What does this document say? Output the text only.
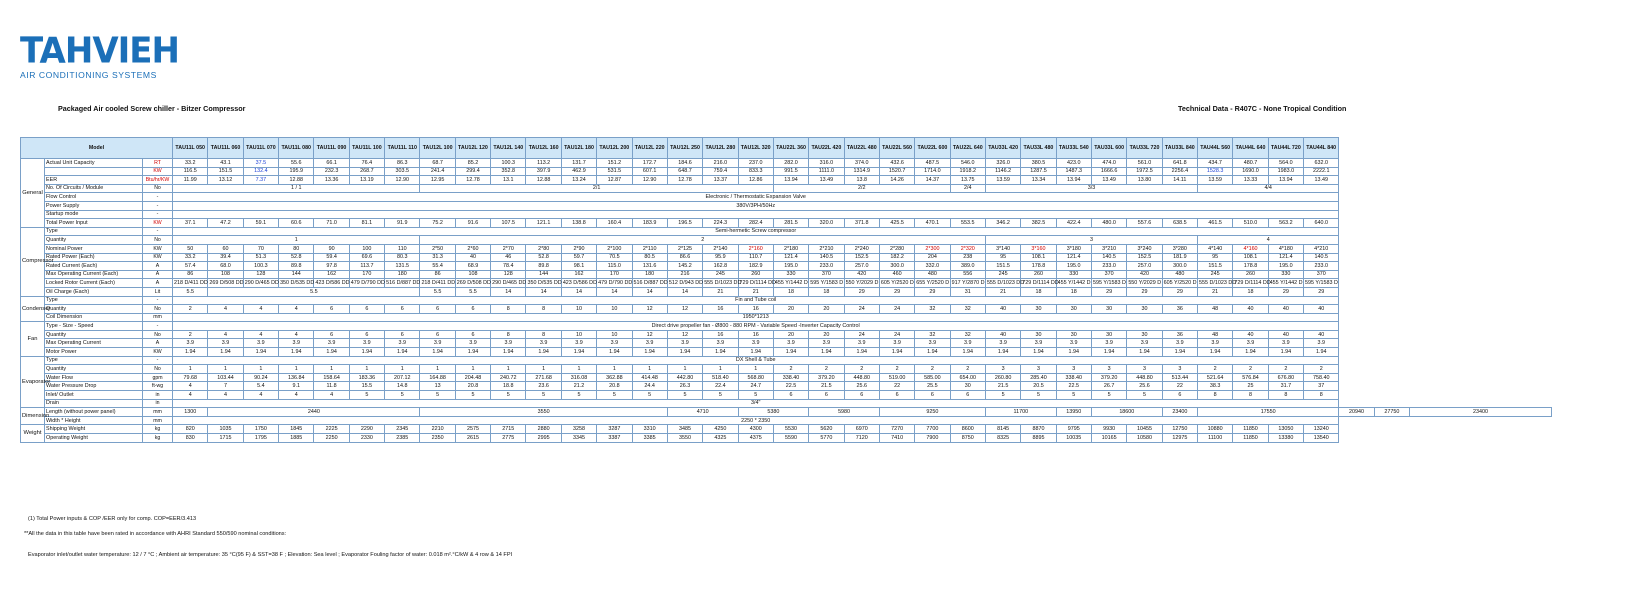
TAHVIEH
AIR CONDITIONING SYSTEMS
Packaged Air cooled Screw chiller - Bitzer Compressor	Technical Data - R407C - None Tropical Condition
Model			TAU11L 050	TAU11L 060	TAU11L 070	TAU11L 080	TAU11L 090	TAU11L 100	TAU11L 110	TAU12L 100	TAU12L 120	TAU12L 140	TAU12L 160	TAU12L 180	TAU12L 200	TAU12L 220	TAU12L 250	TAU12L 280	TAU12L 320	TAU22L 360	TAU22L 420	TAU22L 480	TAU22L 560	TAU22L 600	TAU22L 640	TAU33L 420	TAU33L 480	TAU33L 540	TAU33L 600	TAU33L 720	TAU33L 840	TAU44L 560	TAU44L 640	TAU44L 720	TAU44L 840			
General	Actual Unit Capacity	RT	33.2	43.1	37.5	55.6	66.1	76.4	86.3	68.7	85.2	100.3	113.2	131.7	151.2	172.7	184.6	216.0	237.0	282.0	316.0	374.0	432.6	487.5	546.0	326.0	380.5	423.0	474.0	561.0	641.8	434.7	480.7	564.0	632.0			
		KW	116.5	151.5	132.4	195.9	232.3	268.7	303.5	241.4	299.4	352.8	397.9	462.9	531.5	607.1	648.7	759.4	833.3	991.5	1111.0	1314.9	1520.7	1714.0	1918.2	1146.2	1287.5	1487.3	1666.6	1972.5	2256.4	1528.3	1690.0	1983.0	2222.1			
	EER	Btu/hr/KW	11.99	13.12	7.37	12.88	13.36	13.19	12.90	12.95	12.78	13.1	12.88	13.24	12.87	12.90	12.78	13.37	12.86	13.94	13.49	13.8	14.26	14.37	13.75	13.59	13.34	13.94	13.49	13.80	14.11	13.59	13.33	13.94	13.49			
	No. Of Circuits / Module	No	1 / 1							2/1										2/2					2/4	3/3						4/4						
	Flow Control	-	Electronic / Thermostatic Expansion Valve																																			
	Power Supply	-	380V/3PH/50Hz																																			
	Startup mode	-																																				
	Total Power Input	KW	37.1	47.2	59.1	60.6	71.0	81.1	91.9	75.2	91.6	107.5	121.1	138.8	160.4	183.9	196.5	224.3	282.4	281.5	320.0	371.8	425.5	470.1	553.5	346.2	382.5	422.4	480.0	557.6	638.5	461.5	510.0	563.2	640.0			
Compressor	Type	-	Semi-hermetic Screw compressor																																			
	Quantity	No	1							2																3						4						
	Nominal Power	KW	50	60	70	80	90	100	110	2*50	2*60	2*70	2*80	2*90	2*100	2*110	2*125	2*140	2*160	2*180	2*210	2*240	2*280	2*300	2*320	3*140	3*160	3*180	3*210	3*240	3*280	4*140	4*160	4*180	4*210			
	Rated Power (Each)	KW	33.2	39.4	51.3	52.8	59.4	69.6	80.3	31.3	40	46	52.8	59.7	70.5	80.5	86.6	95.9	110.7	121.4	140.5	152.5	182.2	204	238	95	108.1	121.4	140.5	152.5	181.9	95	108.1	121.4	140.5			
	Rated Current (Each)	A	57.4	68.0	100.3	89.8	97.8	113.7	131.5	55.4	68.9	78.4	89.8	98.1	115.0	131.6	145.2	162.8	182.9	195.0	233.0	257.0	300.0	332.0	389.0	151.5	178.8	195.0	233.0	257.0	300.0	151.5	178.8	195.0	233.0			
	Max Operating Current (Each)	A	86	108	128	144	162	170	180	86	108	128	144	162	170	180	216	245	260	330	370	420	460	480	556	245	260	330	370	420	480	245	260	330	370			
	Locked Rotor Current (Each)	A	218 D/411 DD	269 D/508 DD	290 D/465 DD	350 D/535 DD	423 D/586 DD	479 D/790 DD	516 D/887 DD	218 D/411 DD	269 D/508 DD	290 D/465 DD	350 D/535 DD	423 D/586 DD	479 D/790 DD	516 D/887 DD	512 D/943 DD	555 D/1023 DD	729 D/1114 DD	455 Y/1442 D	595 Y/1583 D	550 Y/2029 D	605 Y/2520 D	655 Y/2520 D	917 Y/2870 D	555 D/1023 DD	729 D/1114 DD	455 Y/1442 D	595 Y/1583 D	550 Y/2029 D	605 Y/2520 D	555 D/1023 DD	729 D/1114 DD	455 Y/1442 D	595 Y/1583 D			
	Oil Charge (Each)	Lit	5.5	5.5						5.5	5.5	14	14	14	14	14	14	21	21	18	18	29	29	29	31	21	18	18	29	29	29	21	18	29	29			
Condenser	Type	-	Fin and Tube coil																																			
	Quantity	No	2	4	4	4	6	6	6	6	6	8	8	10	10	12	12	16	16	20	20	24	24	32	32	40	30	30	30	30	36	48	40	40	40			
	Coil Dimension	mm	1950*1213																																			
Fan	Type - Size - Speed	-	Direct drive propeller fan - Ø800 - 880 RPM - Variable Speed -Inverter Capacity Control																																			
	Quantity	No	2	4	4	4	6	6	6	6	6	8	8	10	10	12	12	16	16	20	20	24	24	32	32	40	30	30	30	30	36	48	40	40	40			
	Max Operating Current	A	3.9	3.9	3.9	3.9	3.9	3.9	3.9	3.9	3.9	3.9	3.9	3.9	3.9	3.9	3.9	3.9	3.9	3.9	3.9	3.9	3.9	3.9	3.9	3.9	3.9	3.9	3.9	3.9	3.9	3.9	3.9	3.9	3.9			
	Motor Power	KW	1.94	1.94	1.94	1.94	1.94	1.94	1.94	1.94	1.94	1.94	1.94	1.94	1.94	1.94	1.94	1.94	1.94	1.94	1.94	1.94	1.94	1.94	1.94	1.94	1.94	1.94	1.94	1.94	1.94	1.94	1.94	1.94	1.94			
Evaporator	Type	-	DX Shell & Tube																																			
	Quantity	No	1	1	1	1	1	1	1	1	1	1	1	1	1	1	1	1	1	2	2	2	2	2	2	3	3	3	3	3	3	2	2	2	2			
	Water Flow	gpm	79.68	103.44	90.24	136.84	158.64	183.36	207.12	164.88	204.48	240.72	271.68	316.08	362.88	414.48	442.80	518.40	568.80	338.40	379.20	448.80	519.00	585.00	654.00	260.80	285.40	338.40	379.20	448.80	513.44	521.64	576.84	676.80	758.40			
	Water Pressure Drop	ft-wg	4	7	5.4	9.1	11.8	15.5	14.8	13	20.8	18.8	23.6	21.2	20.8	24.4	26.3	22.4	24.7	22.5	21.5	25.6	22	25.5	30	21.5	20.5	22.5	26.7	25.6	22	38.3	25	31.7	37			
	Inlet/ Outlet	in	4	4	4	4	4	5	5	5	5	5	5	5	5	5	5	5	5	6	6	6	6	6	6	5	5	5	5	5	6	8	8	8	8			
	Drain	in	3/4"																																			
Dimension	Length (without power panel)	mm	1300	2440						3550							4710		5380		5980		9250			11700		13950	18600		23400	17550				20940	27750	23400
	Width * Height	mm	2250 * 2350																																			
Weight	Shipping Weight	kg	820	1035	1750	1845	2225	2290	2345	2210	2575	2715	2880	3258	3287	3310	3485	4250	4300	5530	5620	6970	7270	7700	8600	8145	8870	9795	9930	10455	12750	10880	11850	13050	13240			
	Operating Weight	kg	830	1715	1795	1885	2250	2330	2385	2350	2615	2775	2995	3345	3387	3385	3550	4325	4375	5590	5770	7120	7410	7900	8750	8325	8895	10035	10165	10580	12975	11100	11850	13380	13540			
(1) Total Power inputs & COP /EER only for comp. COP=EER/3.413
**All the data in this table have been rated in accordance with AHRI Standard 550/590 nominal conditions:
Evaporator inlet/outlet water temperature: 12 / 7 °C ; Ambient air temperature: 35 °C(95 F) & SST=38 F ; Elevation: Sea level ; Evaporator Fouling factor of water: 0.018 m².°C/kW & 4 row & 14 FPI
